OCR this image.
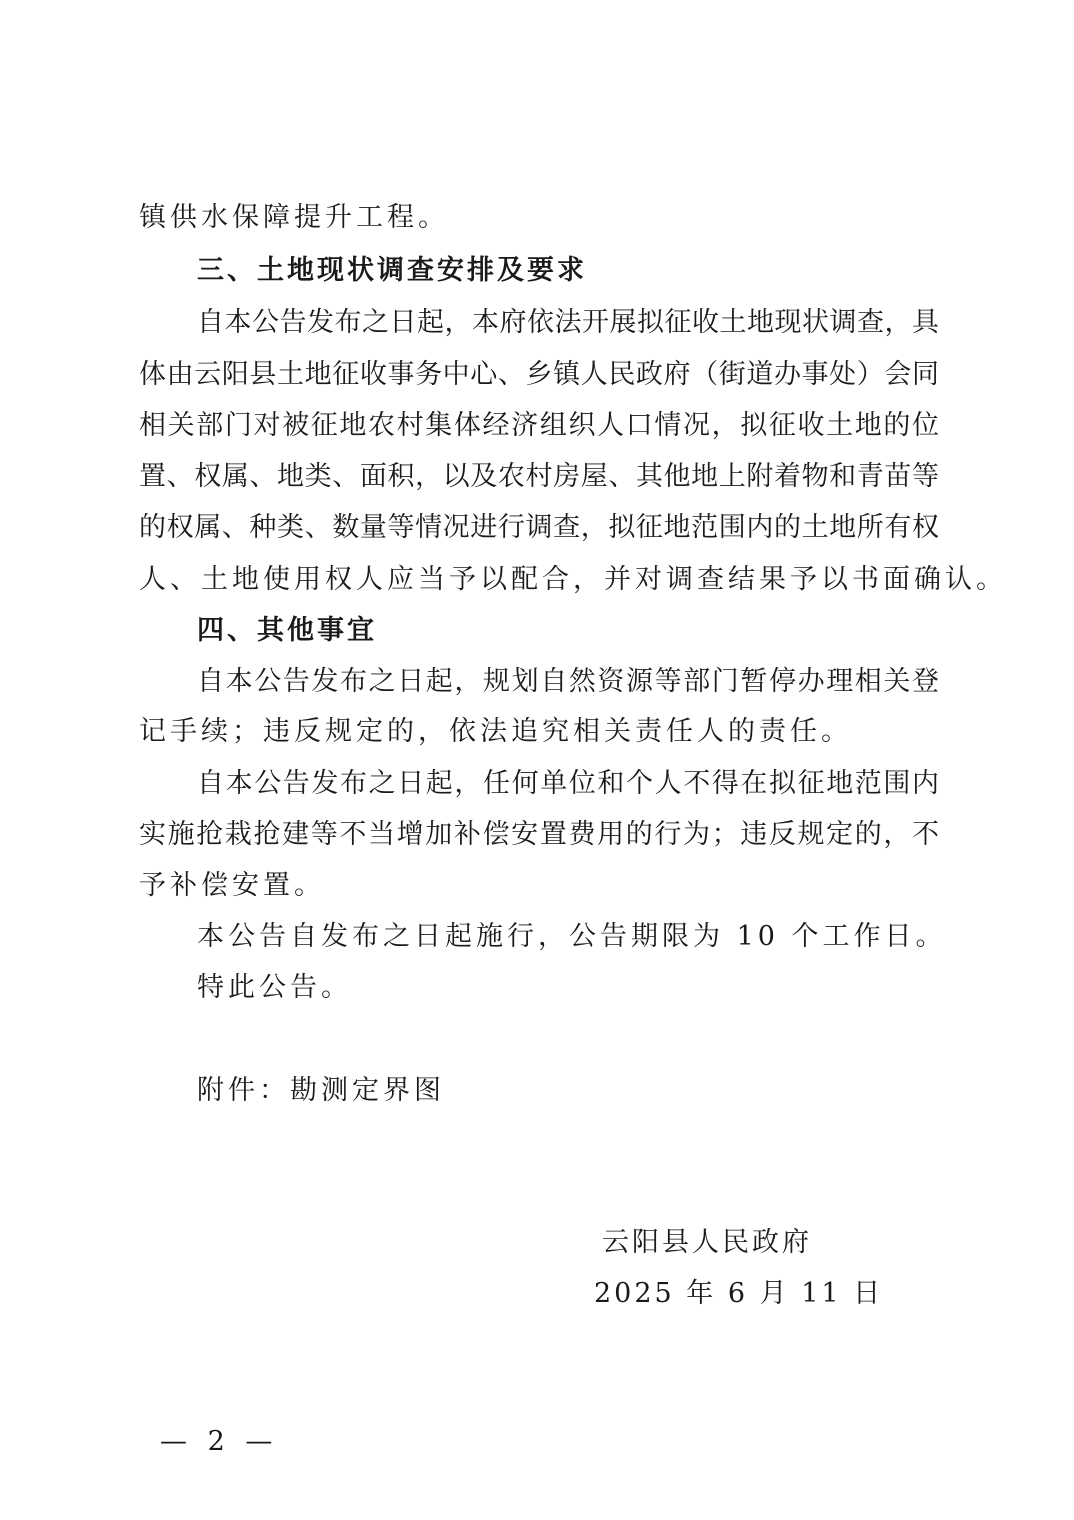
镇供水保障提升工程。
三、土地现状调查安排及要求
自本公告发布之日起，本府依法开展拟征收土地现状调查，具
体由云阳县土地征收事务中心、乡镇人民政府（街道办事处）会同
相关部门对被征地农村集体经济组织人口情况，拟征收土地的位
置、权属、地类、面积，以及农村房屋、其他地上附着物和青苗等
的权属、种类、数量等情况进行调查，拟征地范围内的土地所有权
人、土地使用权人应当予以配合，并对调查结果予以书面确认。
四、其他事宜
自本公告发布之日起，规划自然资源等部门暂停办理相关登
记手续；违反规定的，依法追究相关责任人的责任。
自本公告发布之日起，任何单位和个人不得在拟征地范围内
实施抢栽抢建等不当增加补偿安置费用的行为；违反规定的，不
予补偿安置。
本公告自发布之日起施行，公告期限为 10 个工作日。
特此公告。
附件：勘测定界图
云阳县人民政府
2025 年 6 月 11 日
— 2 —
